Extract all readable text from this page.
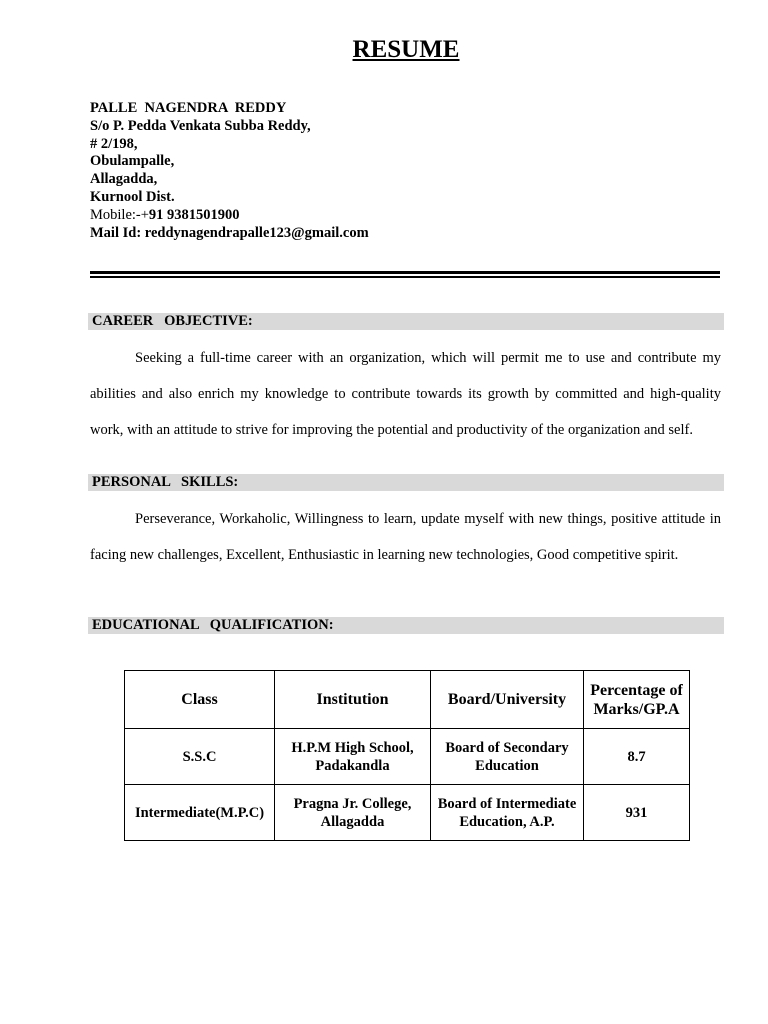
RESUME
PALLE  NAGENDRA  REDDY
S/o P. Pedda Venkata Subba Reddy,
# 2/198,
Obulampalle,
Allagadda,
Kurnool Dist.
Mobile:-+91 9381501900
Mail Id: reddynagendrapalle123@gmail.com
CAREER   OBJECTIVE:
Seeking a full-time career with an organization, which will permit me to use and contribute my abilities and also enrich my knowledge to contribute towards its growth by committed and high-quality work, with an attitude to strive for improving the potential and productivity of the organization and self.
PERSONAL   SKILLS:
Perseverance, Workaholic, Willingness to learn, update myself with new things, positive attitude in facing new challenges, Excellent, Enthusiastic in learning new technologies, Good competitive spirit.
EDUCATIONAL   QUALIFICATION:
Class	Institution	Board/University	Percentage of Marks/GP.A
S.S.C	H.P.M High School, Padakandla	Board of Secondary Education	8.7
Intermediate(M.P.C)	Pragna Jr. College, Allagadda	Board of Intermediate Education, A.P.	931
